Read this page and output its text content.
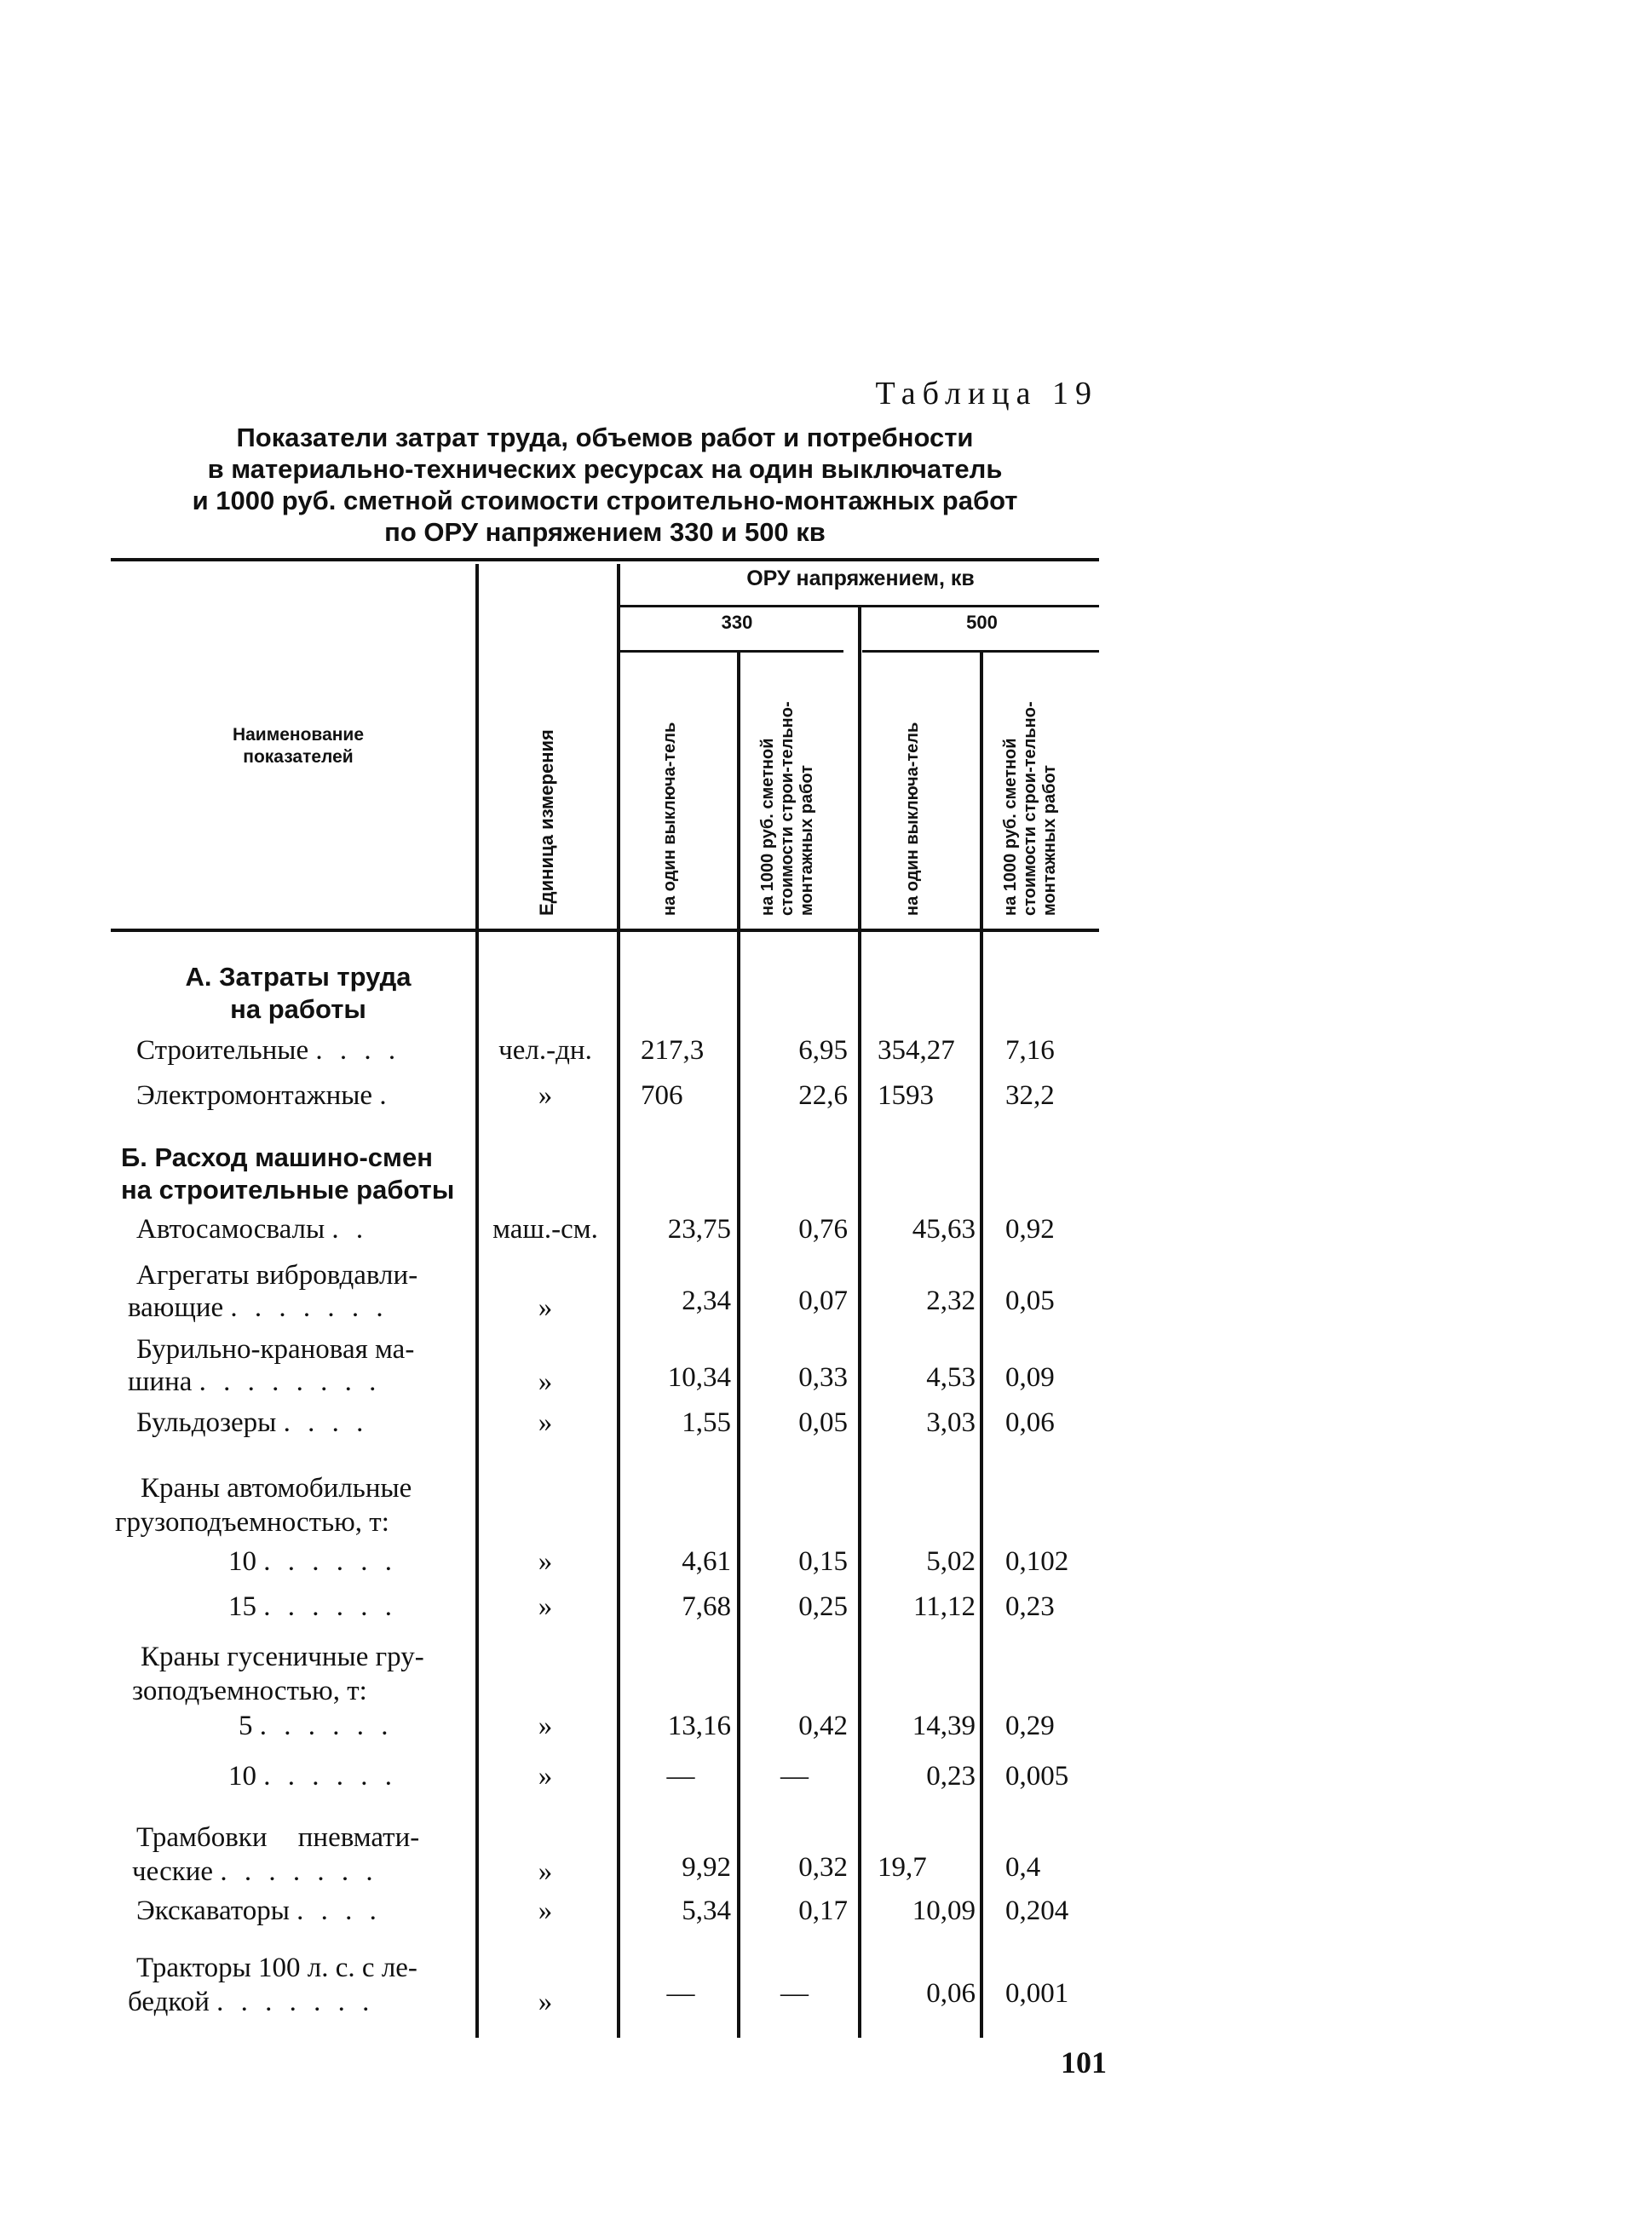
Таблица 19
Показатели затрат труда, объемов работ и потребности
в материально-технических ресурсах на один выключатель
и 1000 руб. сметной стоимости строительно-монтажных работ
по ОРУ напряжением 330 и 500 кв
Наименование
показателей	Единица измерения
ОРУ напряжением, кв
330	500
на один выключа-тель	на 1000 руб. сметной стоимости строи-тельно-монтажных работ	на один выключа-тель	на 1000 руб. сметной стоимости строи-тельно-монтажных работ
А. Затраты труда
на работы
Строительные . . . .	чел.-дн.	217,3	6,95	354,27	7,16
Электромонтажные .	»	706	22,6	1593	32,2
Б. Расход машино-смен
на строительные работы
Автосамосвалы . .	маш.-см.	23,75	0,76	45,63	0,92
Агрегаты вибровдавли-
вающие . . . . . . .	»	2,34	0,07	2,32	0,05
Бурильно-крановая ма-
шина . . . . . . . .	»	10,34	0,33	4,53	0,09
Бульдозеры . . . .	»	1,55	0,05	3,03	0,06
Краны автомобильные
грузоподъемностью, т:
10 . . . . . .	»	4,61	0,15	5,02	0,102
15 . . . . . .	»	7,68	0,25	11,12	0,23
Краны гусеничные гру-
зоподъемностью, т:
5 . . . . . .	»	13,16	0,42	14,39	0,29
10 . . . . . .	»	—	—	0,23	0,005
Трамбовки пневмати-
ческие . . . . . . .	»	9,92	0,32	19,7	0,4
Экскаваторы . . . .	»	5,34	0,17	10,09	0,204
Тракторы 100 л. с. с ле-
бедкой . . . . . . .	»	—	—	0,06	0,001
101
